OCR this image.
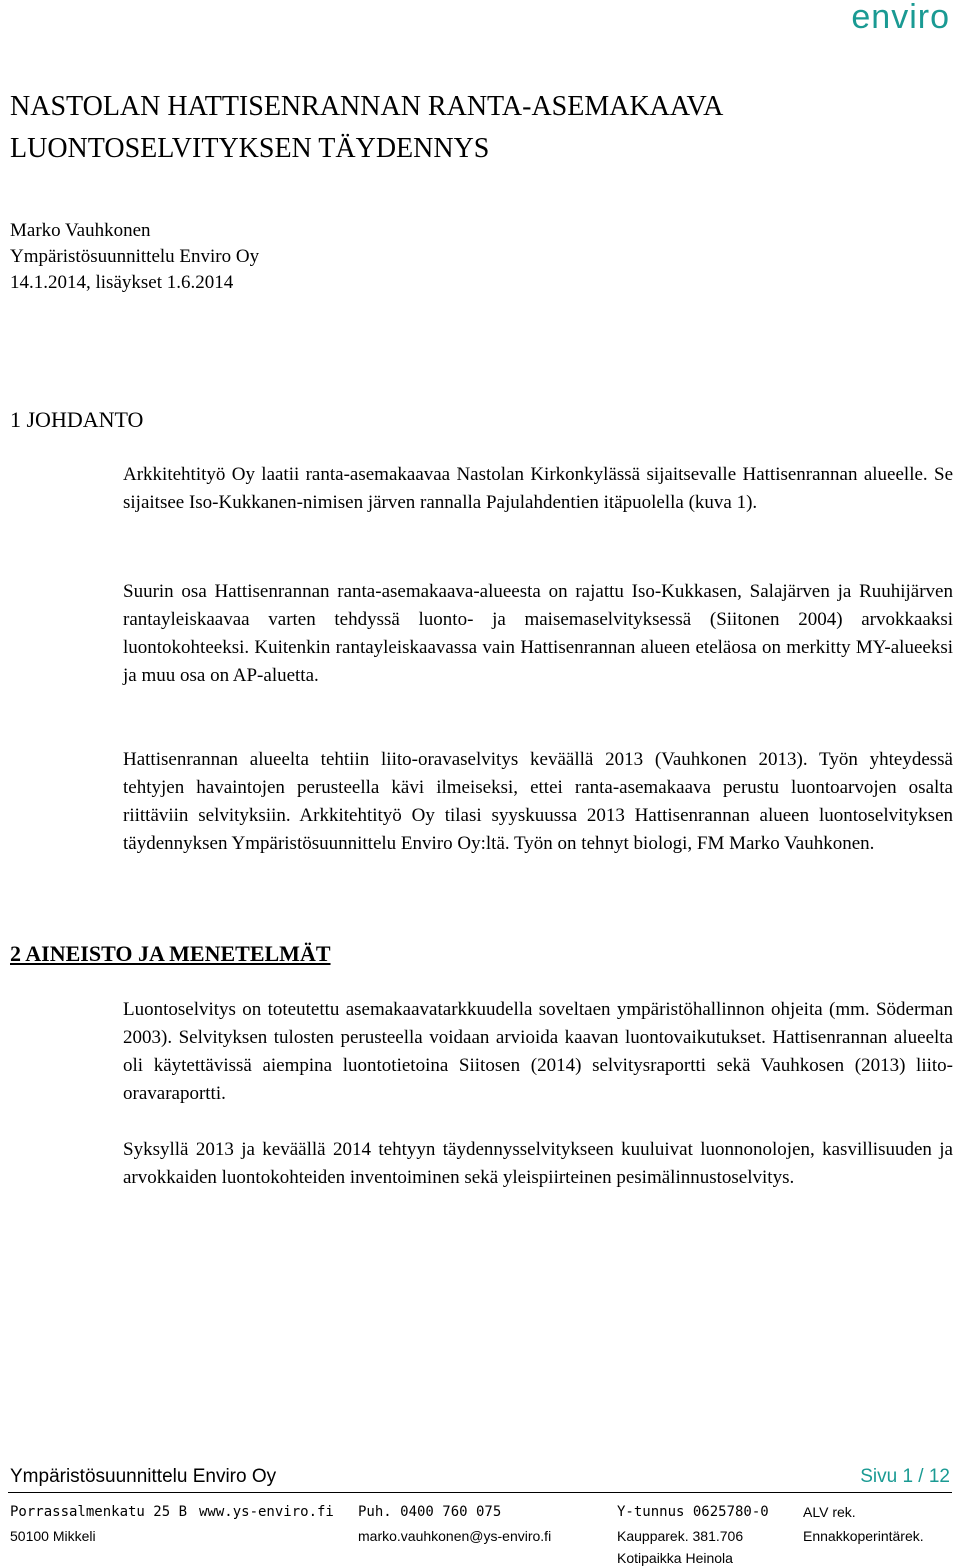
enviro
NASTOLAN HATTISENRANNAN RANTA-ASEMAKAAVA
LUONTOSELVITYKSEN TÄYDENNYS
Marko Vauhkonen
Ympäristösuunnittelu Enviro Oy
14.1.2014, lisäykset 1.6.2014
1 JOHDANTO
Arkkitehtityö Oy laatii ranta-asemakaavaa Nastolan Kirkonkylässä sijaitsevalle Hattisenrannan alueelle. Se sijaitsee Iso-Kukkanen-nimisen järven rannalla Pajulahdentien itäpuolella (kuva 1).
Suurin osa Hattisenrannan ranta-asemakaava-alueesta on rajattu Iso-Kukkasen, Salajärven ja Ruuhijärven rantayleiskaavaa varten tehdyssä luonto- ja maisemaselvityksessä (Siitonen 2004) arvokkaaksi luontokohteeksi. Kuitenkin rantayleiskaavassa vain Hattisenrannan alueen eteläosa on merkitty MY-alueeksi ja muu osa on AP-aluetta.
Hattisenrannan alueelta tehtiin liito-oravaselvitys keväällä 2013 (Vauhkonen 2013). Työn yhteydessä tehtyjen havaintojen perusteella kävi ilmeiseksi, ettei ranta-asemakaava perustu luontoarvojen osalta riittäviin selvityksiin. Arkkitehtityö Oy tilasi syyskuussa 2013 Hattisenrannan alueen luontoselvityksen täydennyksen Ympäristösuunnittelu Enviro Oy:ltä. Työn on tehnyt biologi, FM Marko Vauhkonen.
2 AINEISTO JA MENETELMÄT
Luontoselvitys on toteutettu asemakaavatarkkuudella soveltaen ympäristöhallinnon ohjeita (mm. Söderman 2003). Selvityksen tulosten perusteella voidaan arvioida kaavan luontovaikutukset. Hattisenrannan alueelta oli käytettävissä aiempina luontotietoina Siitosen (2014) selvitysraportti sekä Vauhkosen (2013) liito-oravaraportti.
Syksyllä 2013 ja keväällä 2014 tehtyyn täydennysselvitykseen kuuluivat luonnonolojen, kasvillisuuden ja arvokkaiden luontokohteiden inventoiminen sekä yleispiirteinen pesimälinnustoselvitys.
Ympäristösuunnittelu Enviro Oy	Sivu 1 / 12
Porrassalmenkatu 25 B
50100 Mikkeli
www.ys-enviro.fi Puh. 0400 760 075
marko.vauhkonen@ys-enviro.fi
Y-tunnus 0625780-0
Kaupparek. 381.706
Kotipaikka Heinola
ALV rek.
Ennakkoperintärek.
